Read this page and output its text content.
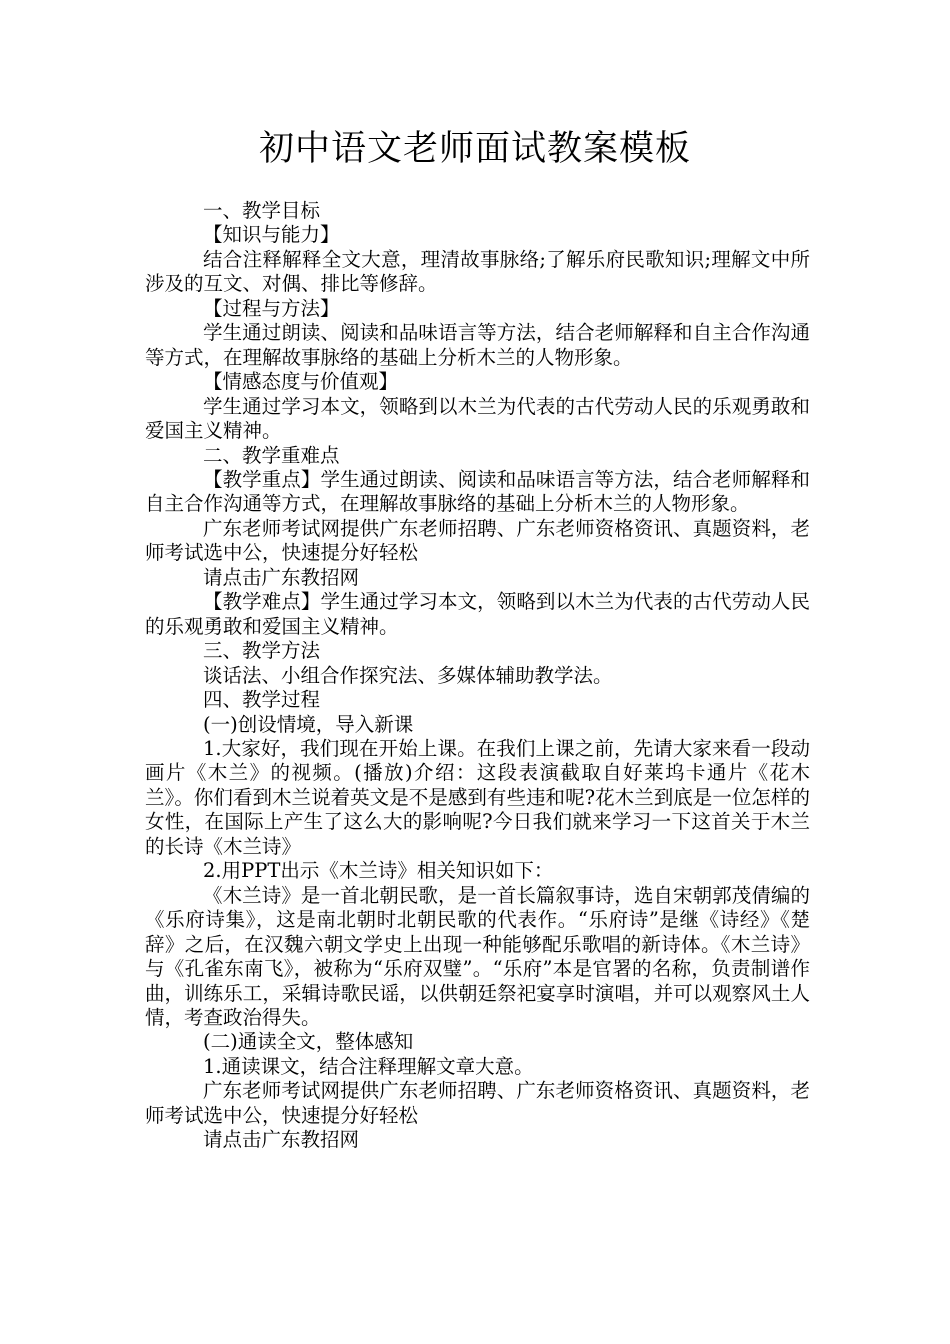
初中语文老师面试教案模板

一、教学目标

【知识与能力】

结合注释解释全文大意，理清故事脉络;了解乐府民歌知识;理解文中所涉及的互文、对偶、排比等修辞。

【过程与方法】

学生通过朗读、阅读和品味语言等方法，结合老师解释和自主合作沟通等方式，在理解故事脉络的基础上分析木兰的人物形象。

【情感态度与价值观】

学生通过学习本文，领略到以木兰为代表的古代劳动人民的乐观勇敢和爱国主义精神。

二、教学重难点

【教学重点】学生通过朗读、阅读和品味语言等方法，结合老师解释和自主合作沟通等方式，在理解故事脉络的基础上分析木兰的人物形象。

广东老师考试网提供广东老师招聘、广东老师资格资讯、真题资料，老师考试选中公，快速提分好轻松

请点击广东教招网

【教学难点】学生通过学习本文，领略到以木兰为代表的古代劳动人民的乐观勇敢和爱国主义精神。

三、教学方法

谈话法、小组合作探究法、多媒体辅助教学法。

四、教学过程

(一)创设情境，导入新课

1.大家好，我们现在开始上课。在我们上课之前，先请大家来看一段动画片《木兰》的视频。(播放)介绍：这段表演截取自好莱坞卡通片《花木兰》。你们看到木兰说着英文是不是感到有些违和呢?花木兰到底是一位怎样的女性，在国际上产生了这么大的影响呢?今日我们就来学习一下这首关于木兰的长诗《木兰诗》

2.用PPT出示《木兰诗》相关知识如下：

《木兰诗》是一首北朝民歌，是一首长篇叙事诗，选自宋朝郭茂倩编的《乐府诗集》，这是南北朝时北朝民歌的代表作。“乐府诗”是继《诗经》《楚辞》之后，在汉魏六朝文学史上出现一种能够配乐歌唱的新诗体。《木兰诗》与《孔雀东南飞》，被称为“乐府双璧”。“乐府”本是官署的名称，负责制谱作曲，训练乐工，采辑诗歌民谣，以供朝廷祭祀宴享时演唱，并可以观察风土人情，考查政治得失。

(二)通读全文，整体感知

1.通读课文，结合注释理解文章大意。

广东老师考试网提供广东老师招聘、广东老师资格资讯、真题资料，老师考试选中公，快速提分好轻松

请点击广东教招网
